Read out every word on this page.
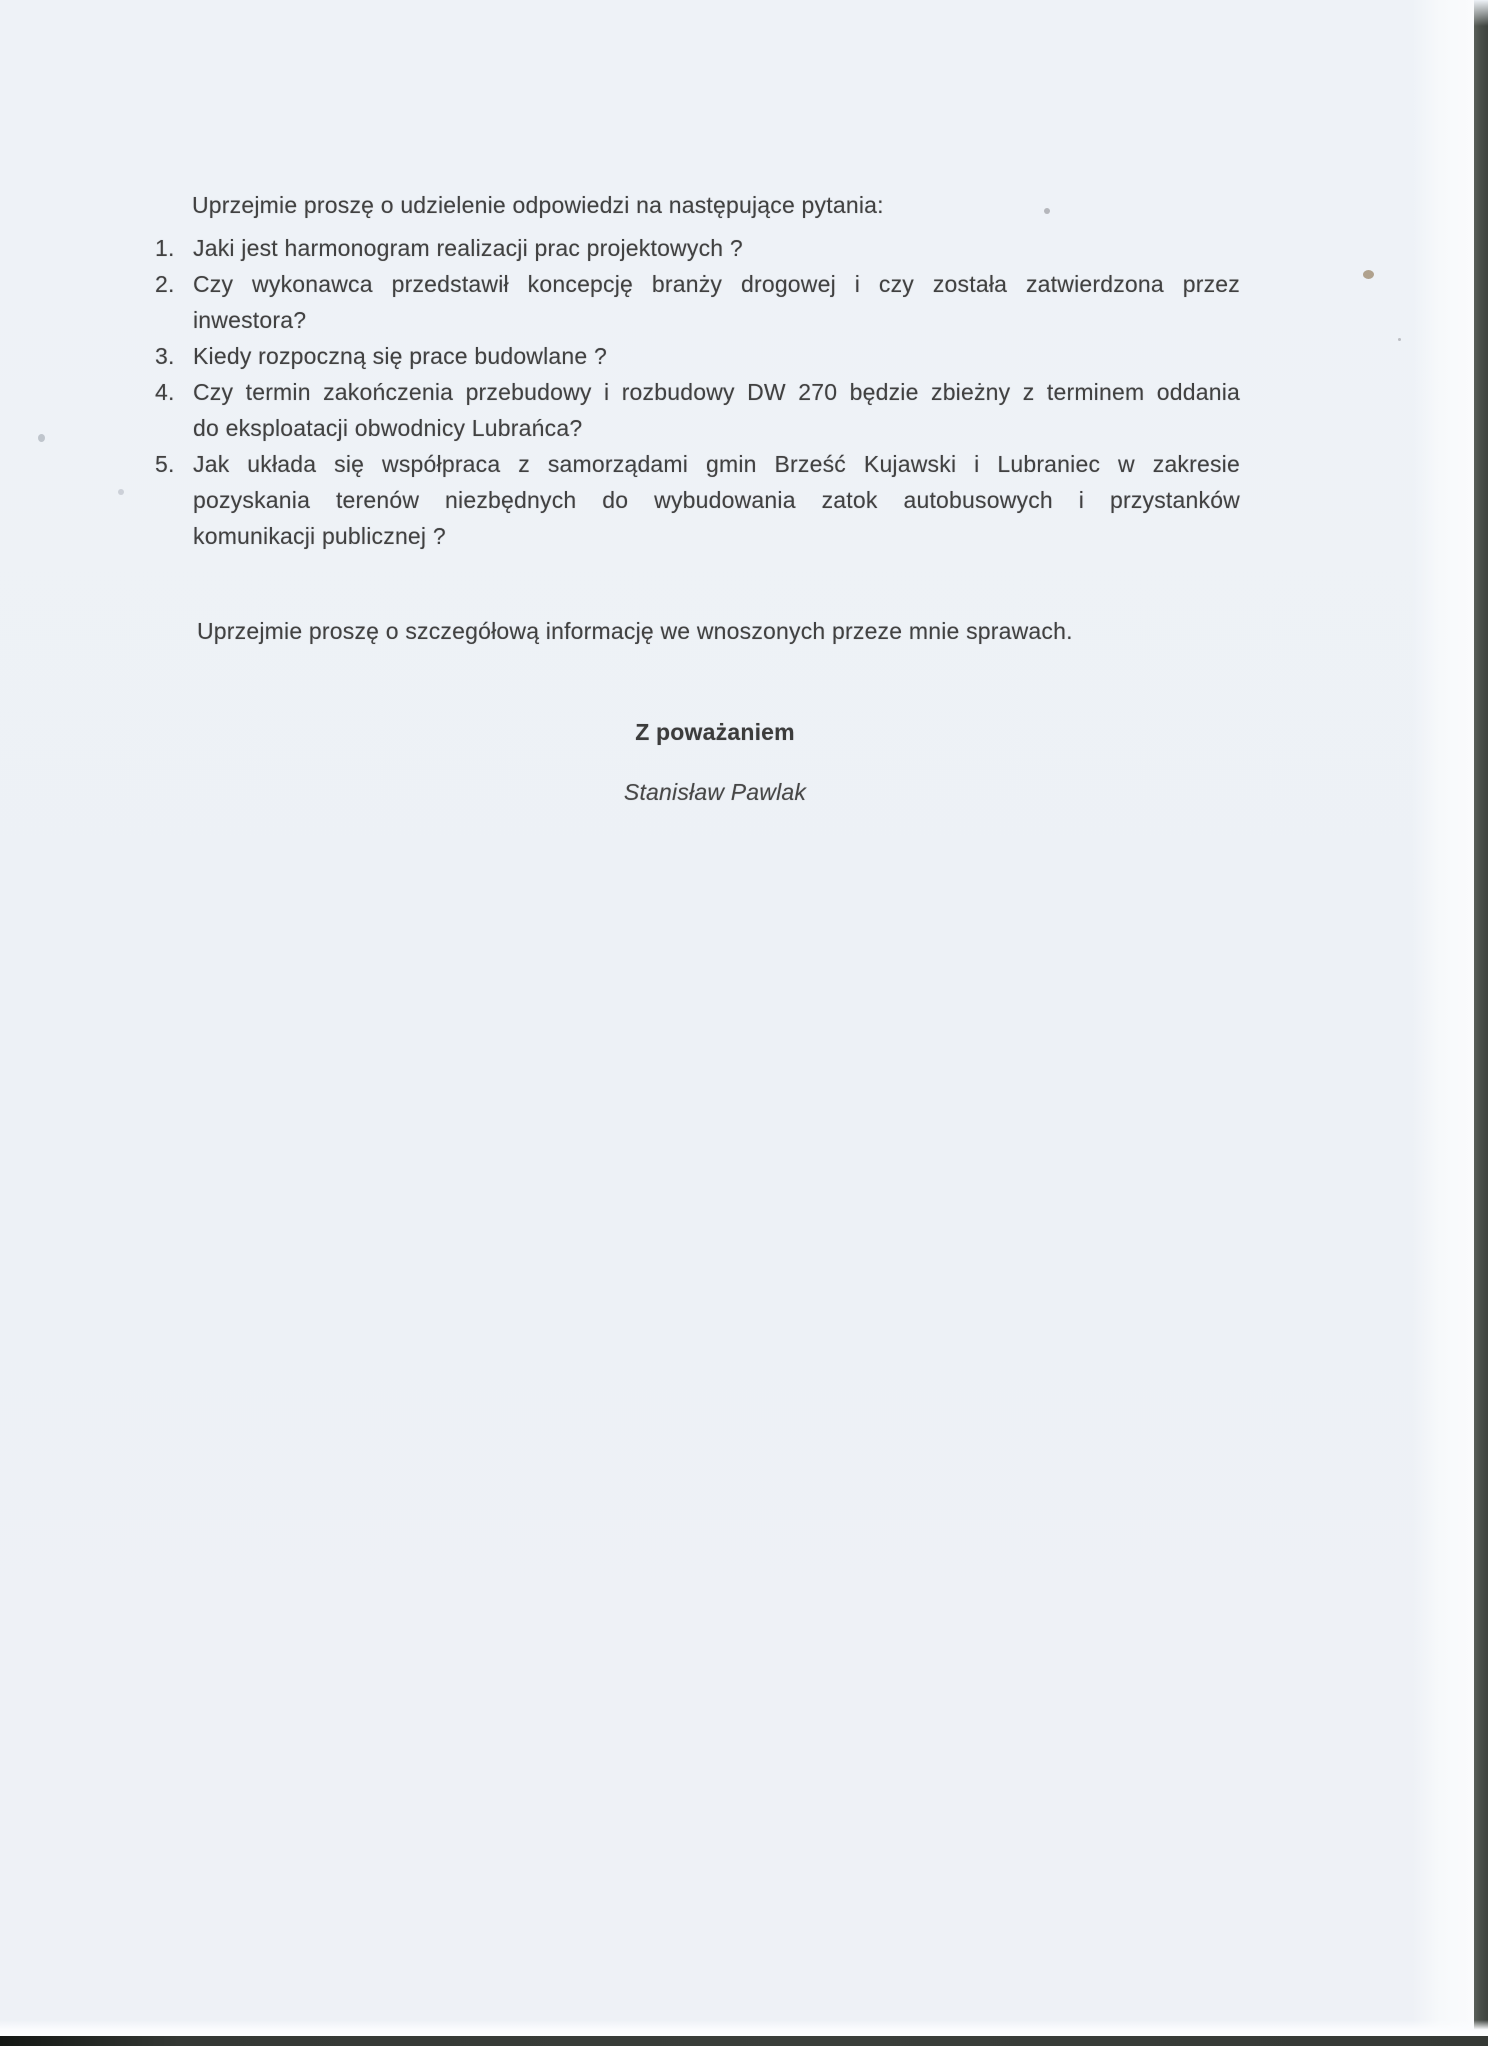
Uprzejmie proszę o udzielenie odpowiedzi na następujące pytania:

1. Jaki jest harmonogram realizacji prac projektowych ?
2. Czy wykonawca przedstawił koncepcję branży drogowej i czy została zatwierdzona przez
inwestora?
3. Kiedy rozpoczną się prace budowlane ?
4. Czy termin zakończenia przebudowy i rozbudowy DW 270 będzie zbieżny z terminem oddania
do eksploatacji obwodnicy Lubrańca?
5. Jak układa się współpraca z samorządami gmin Brześć Kujawski i Lubraniec w zakresie
pozyskania terenów niezbędnych do wybudowania zatok autobusowych i przystanków
komunikacji publicznej ?

Uprzejmie proszę o szczegółową informację we wnoszonych przeze mnie sprawach.

Z poważaniem
Stanisław Pawlak
